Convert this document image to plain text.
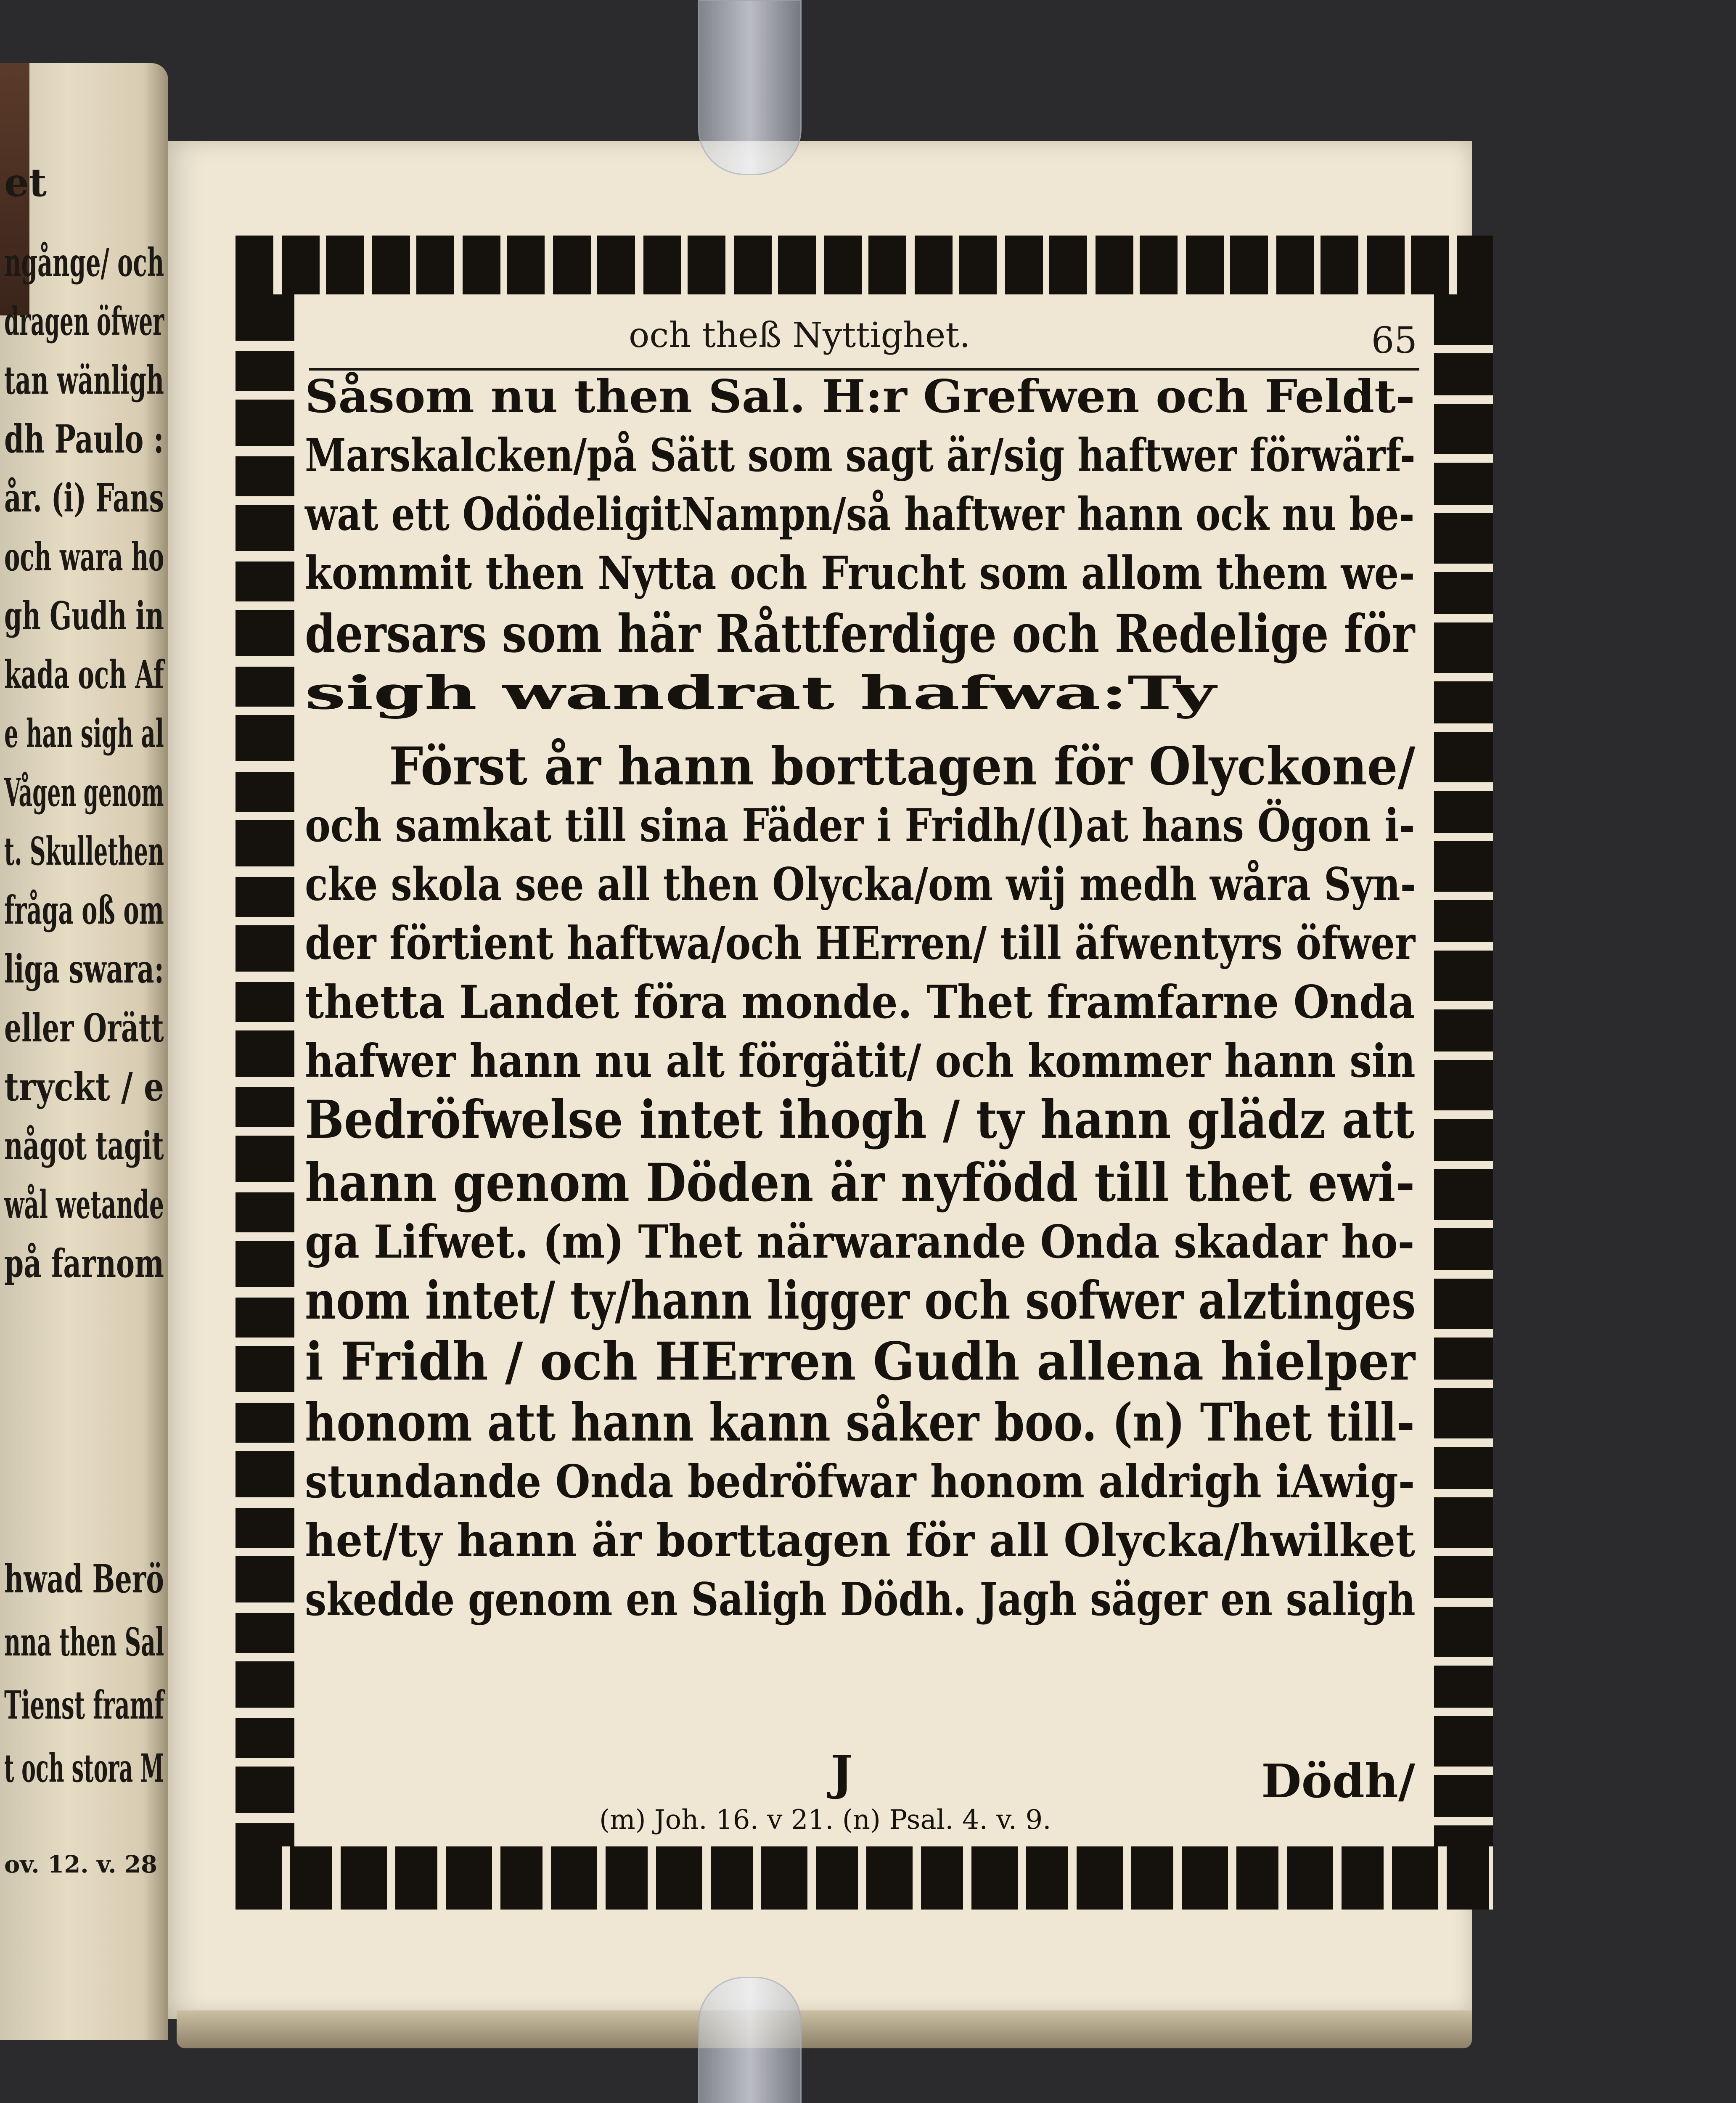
et
ngånge/ och
dragen öfwer
tan wänligh
dh Paulo :
år. (i) Fans
och wara ho
gh Gudh in
kada och Af
e han sigh al
Vågen genom
t. Skullethen
fråga oß om
liga swara:
eller Orätt
tryckt / e
något tagit
wål wetande
på farnom
hwad Berö
nna then Sal
Tienst framf
t och stora M
ov. 12. v. 28
och theß Nyttighet.	65
Såsom nu then Sal. H:r Grefwen och Feldt-
Marskalcken/på Sätt som sagt är/sig haftwer förwärf-
wat ett OdödeligitNampn/så haftwer hann ock nu be-
kommit then Nytta och Frucht som allom them we-
dersars som här Råttferdige och Redelige för
sigh wandrat hafwa:Ty
Först år hann borttagen för Olyckone/
och samkat till sina Fäder i Fridh/(l)at hans Ögon i-
cke skola see all then Olycka/om wij medh wåra Syn-
der förtient haftwa/och HErren/ till äfwentyrs öfwer
thetta Landet föra monde. Thet framfarne Onda
hafwer hann nu alt förgätit/ och kommer hann sin
Bedröfwelse intet ihogh / ty hann glädz att
hann genom Döden är nyfödd till thet ewi-
ga Lifwet. (m) Thet närwarande Onda skadar ho-
nom intet/ ty/hann ligger och sofwer alztinges
i Fridh / och HErren Gudh allena hielper
honom att hann kann såker boo. (n) Thet till-
stundande Onda bedröfwar honom aldrigh iAwig-
het/ty hann är borttagen för all Olycka/hwilket
skedde genom en Saligh Dödh. Jagh säger en saligh
J	Dödh/
(m) Joh. 16. v 21. (n) Psal. 4. v. 9.
